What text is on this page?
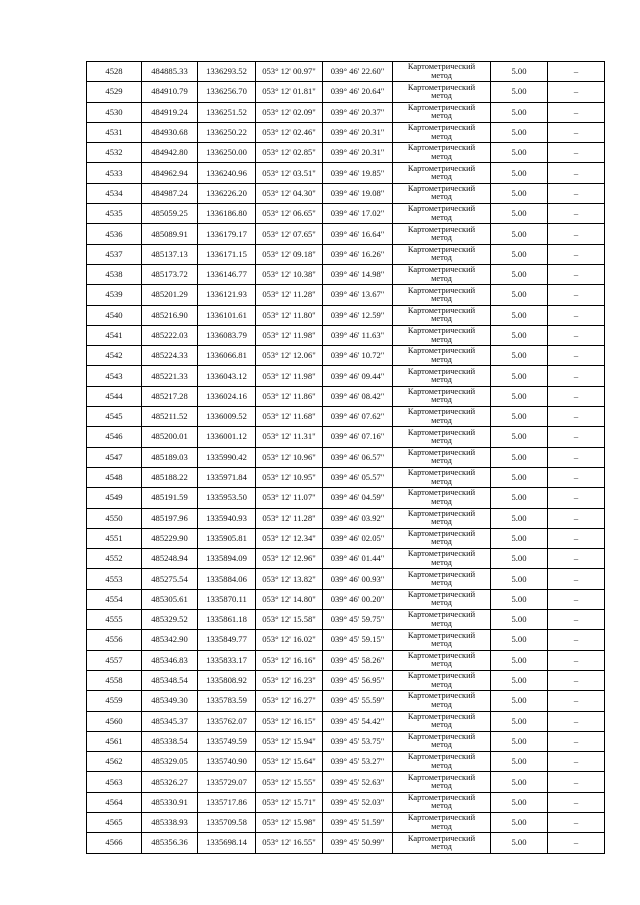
4528	484885.33	1336293.52	053° 12' 00.97"	039° 46' 22.60"	Картометрический
метод	5.00	–
4529	484910.79	1336256.70	053° 12' 01.81"	039° 46' 20.64"	Картометрический
метод	5.00	–
4530	484919.24	1336251.52	053° 12' 02.09"	039° 46' 20.37"	Картометрический
метод	5.00	–
4531	484930.68	1336250.22	053° 12' 02.46"	039° 46' 20.31"	Картометрический
метод	5.00	–
4532	484942.80	1336250.00	053° 12' 02.85"	039° 46' 20.31"	Картометрический
метод	5.00	–
4533	484962.94	1336240.96	053° 12' 03.51"	039° 46' 19.85"	Картометрический
метод	5.00	–
4534	484987.24	1336226.20	053° 12' 04.30"	039° 46' 19.08"	Картометрический
метод	5.00	–
4535	485059.25	1336186.80	053° 12' 06.65"	039° 46' 17.02"	Картометрический
метод	5.00	–
4536	485089.91	1336179.17	053° 12' 07.65"	039° 46' 16.64"	Картометрический
метод	5.00	–
4537	485137.13	1336171.15	053° 12' 09.18"	039° 46' 16.26"	Картометрический
метод	5.00	–
4538	485173.72	1336146.77	053° 12' 10.38"	039° 46' 14.98"	Картометрический
метод	5.00	–
4539	485201.29	1336121.93	053° 12' 11.28"	039° 46' 13.67"	Картометрический
метод	5.00	–
4540	485216.90	1336101.61	053° 12' 11.80"	039° 46' 12.59"	Картометрический
метод	5.00	–
4541	485222.03	1336083.79	053° 12' 11.98"	039° 46' 11.63"	Картометрический
метод	5.00	–
4542	485224.33	1336066.81	053° 12' 12.06"	039° 46' 10.72"	Картометрический
метод	5.00	–
4543	485221.33	1336043.12	053° 12' 11.98"	039° 46' 09.44"	Картометрический
метод	5.00	–
4544	485217.28	1336024.16	053° 12' 11.86"	039° 46' 08.42"	Картометрический
метод	5.00	–
4545	485211.52	1336009.52	053° 12' 11.68"	039° 46' 07.62"	Картометрический
метод	5.00	–
4546	485200.01	1336001.12	053° 12' 11.31"	039° 46' 07.16"	Картометрический
метод	5.00	–
4547	485189.03	1335990.42	053° 12' 10.96"	039° 46' 06.57"	Картометрический
метод	5.00	–
4548	485188.22	1335971.84	053° 12' 10.95"	039° 46' 05.57"	Картометрический
метод	5.00	–
4549	485191.59	1335953.50	053° 12' 11.07"	039° 46' 04.59"	Картометрический
метод	5.00	–
4550	485197.96	1335940.93	053° 12' 11.28"	039° 46' 03.92"	Картометрический
метод	5.00	–
4551	485229.90	1335905.81	053° 12' 12.34"	039° 46' 02.05"	Картометрический
метод	5.00	–
4552	485248.94	1335894.09	053° 12' 12.96"	039° 46' 01.44"	Картометрический
метод	5.00	–
4553	485275.54	1335884.06	053° 12' 13.82"	039° 46' 00.93"	Картометрический
метод	5.00	–
4554	485305.61	1335870.11	053° 12' 14.80"	039° 46' 00.20"	Картометрический
метод	5.00	–
4555	485329.52	1335861.18	053° 12' 15.58"	039° 45' 59.75"	Картометрический
метод	5.00	–
4556	485342.90	1335849.77	053° 12' 16.02"	039° 45' 59.15"	Картометрический
метод	5.00	–
4557	485346.83	1335833.17	053° 12' 16.16"	039° 45' 58.26"	Картометрический
метод	5.00	–
4558	485348.54	1335808.92	053° 12' 16.23"	039° 45' 56.95"	Картометрический
метод	5.00	–
4559	485349.30	1335783.59	053° 12' 16.27"	039° 45' 55.59"	Картометрический
метод	5.00	–
4560	485345.37	1335762.07	053° 12' 16.15"	039° 45' 54.42"	Картометрический
метод	5.00	–
4561	485338.54	1335749.59	053° 12' 15.94"	039° 45' 53.75"	Картометрический
метод	5.00	–
4562	485329.05	1335740.90	053° 12' 15.64"	039° 45' 53.27"	Картометрический
метод	5.00	–
4563	485326.27	1335729.07	053° 12' 15.55"	039° 45' 52.63"	Картометрический
метод	5.00	–
4564	485330.91	1335717.86	053° 12' 15.71"	039° 45' 52.03"	Картометрический
метод	5.00	–
4565	485338.93	1335709.58	053° 12' 15.98"	039° 45' 51.59"	Картометрический
метод	5.00	–
4566	485356.36	1335698.14	053° 12' 16.55"	039° 45' 50.99"	Картометрический
метод	5.00	–
